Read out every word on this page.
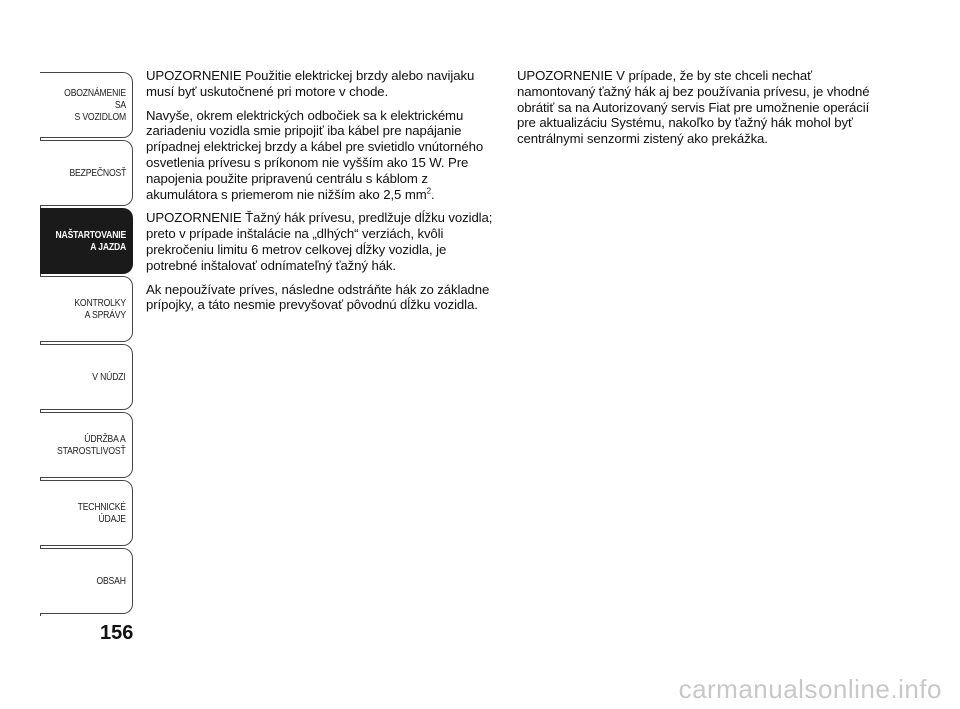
OBOZNÁMENIE SA
S VOZIDLOM
BEZPEČNOSŤ
NAŠTARTOVANIE
A JAZDA
KONTROLKY
A SPRÁVY
V NÚDZI
ÚDRŽBA A
STAROSTLIVOSŤ
TECHNICKÉ
ÚDAJE
OBSAH
156

UPOZORNENIE Použitie elektrickej brzdy alebo navijaku musí byť uskutočnené pri motore v chode.

Navyše, okrem elektrických odbočiek sa k elektrickému zariadeniu vozidla smie pripojiť iba kábel pre napájanie prípadnej elektrickej brzdy a kábel pre svietidlo vnútorného osvetlenia prívesu s príkonom nie vyšším ako 15 W. Pre napojenia použite pripravenú centrálu s káblom z akumulátora s priemerom nie nižším ako 2,5 $mm^2$.

UPOZORNENIE Ťažný hák prívesu, predlžuje dĺžku vozidla; preto v prípade inštalácie na „dlhých“ verziách, kvôli prekročeniu limitu 6 metrov celkovej dĺžky vozidla, je potrebné inštalovať odnímateľný ťažný hák.

Ak nepoužívate príves, následne odstráňte hák zo základne prípojky, a táto nesmie prevyšovať pôvodnú dĺžku vozidla.

UPOZORNENIE V prípade, že by ste chceli nechať namontovaný ťažný hák aj bez používania prívesu, je vhodné obrátiť sa na Autorizovaný servis Fiat pre umožnenie operácií pre aktualizáciu Systému, nakoľko by ťažný hák mohol byť centrálnymi senzormi zistený ako prekážka.

carmanualsonline.info
